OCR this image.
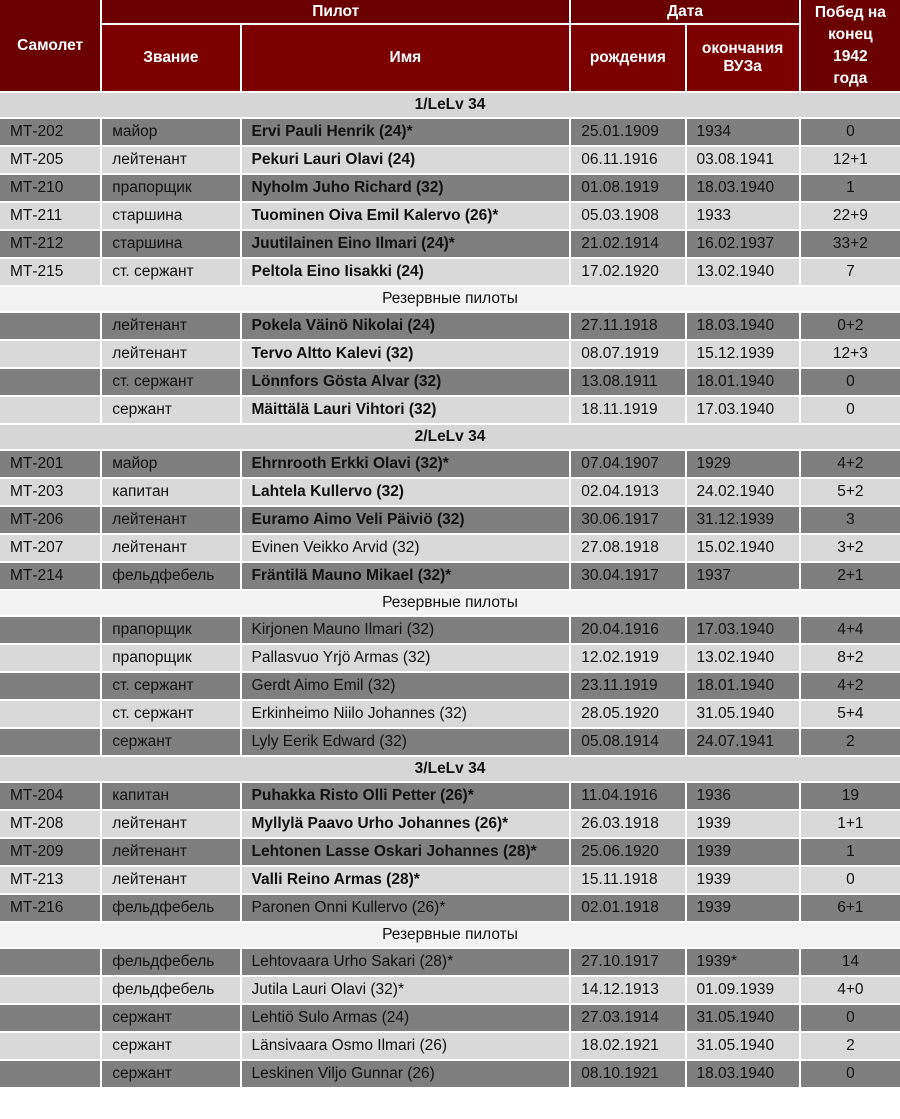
Самолет	Пилот		Дата		Побед на
конец
1942
года
	Звание	Имя	рождения	окончания
ВУЗа	
1/LeLv 34					
МТ-202	майор	Ervi Pauli Henrik (24)*	25.01.1909	1934	0
МТ-205	лейтенант	Pekuri Lauri Olavi (24)	06.11.1916	03.08.1941	12+1
МТ-210	прапорщик	Nyholm Juho Richard (32)	01.08.1919	18.03.1940	1
МТ-211	старшина	Tuominen Oiva Emil Kalervo (26)*	05.03.1908	1933	22+9
МТ-212	старшина	Juutilainen Eino Ilmari (24)*	21.02.1914	16.02.1937	33+2
МТ-215	ст. сержант	Peltola Eino Iisakki (24)	17.02.1920	13.02.1940	7
Резервные пилоты					
	лейтенант	Pokela Väinö Nikolai (24)	27.11.1918	18.03.1940	0+2
	лейтенант	Tervo Altto Kalevi (32)	08.07.1919	15.12.1939	12+3
	ст. сержант	Lönnfors Gösta Alvar (32)	13.08.1911	18.01.1940	0
	сержант	Mäittälä Lauri Vihtori (32)	18.11.1919	17.03.1940	0
2/LeLv 34					
МТ-201	майор	Ehrnrooth Erkki Olavi (32)*	07.04.1907	1929	4+2
МТ-203	капитан	Lahtela Kullervo (32)	02.04.1913	24.02.1940	5+2
МТ-206	лейтенант	Euramo Aimo Veli Päiviö (32)	30.06.1917	31.12.1939	3
МТ-207	лейтенант	Evinen Veikko Arvid (32)	27.08.1918	15.02.1940	3+2
МТ-214	фельдфебель	Fräntilä Mauno Mikael (32)*	30.04.1917	1937	2+1
Резервные пилоты					
	прапорщик	Kirjonen Mauno Ilmari (32)	20.04.1916	17.03.1940	4+4
	прапорщик	Pallasvuo Yrjö Armas (32)	12.02.1919	13.02.1940	8+2
	ст. сержант	Gerdt Aimo Emil (32)	23.11.1919	18.01.1940	4+2
	ст. сержант	Erkinheimo Niilo Johannes (32)	28.05.1920	31.05.1940	5+4
	сержант	Lyly Eerik Edward (32)	05.08.1914	24.07.1941	2
3/LeLv 34					
МТ-204	капитан	Puhakka Risto Olli Petter (26)*	11.04.1916	1936	19
МТ-208	лейтенант	Myllylä Paavo Urho Johannes (26)*	26.03.1918	1939	1+1
МТ-209	лейтенант	Lehtonen Lasse Oskari Johannes (28)*	25.06.1920	1939	1
МТ-213	лейтенант	Valli Reino Armas (28)*	15.11.1918	1939	0
МТ-216	фельдфебель	Paronen Onni Kullervo (26)*	02.01.1918	1939	6+1
Резервные пилоты					
	фельдфебель	Lehtovaara Urho Sakari (28)*	27.10.1917	1939*	14
	фельдфебель	Jutila Lauri Olavi (32)*	14.12.1913	01.09.1939	4+0
	сержант	Lehtiö Sulo Armas (24)	27.03.1914	31.05.1940	0
	сержант	Länsivaara Osmo Ilmari (26)	18.02.1921	31.05.1940	2
	сержант	Leskinen Viljo Gunnar (26)	08.10.1921	18.03.1940	0
